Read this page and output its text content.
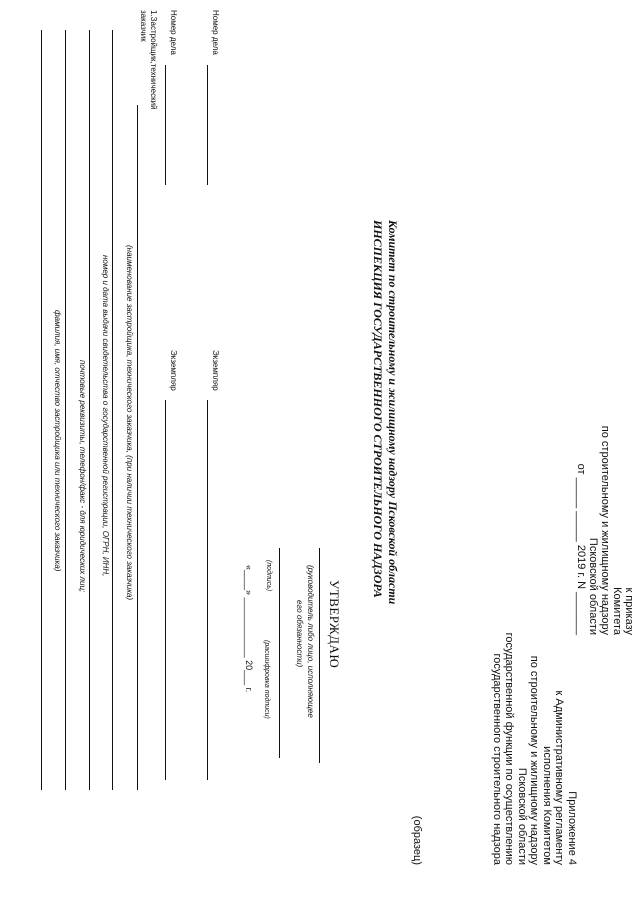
к приказу
Комитета
по строительному и жилищному надзору
Псковской области
от _____ _____ 2019 г. N _______
Приложение 4
к Административному регламенту
исполнения Комитетом
по строительному и жилищному надзору
Псковской области
государственной функции по осуществлению
государственного строительного надзора
(образец)
Комитет по строительному и жилищному надзору Псковской области
ИНСПЕКЦИЯ ГОСУДАРСТВЕННОГО СТРОИТЕЛЬНОГО НАДЗОРА
УТВЕРЖДАЮ
(руководитель либо лицо, исполняющее
его обязанности)
(подпись)
(расшифровка подписи)
«____» ____________ 20___ г.
Номер дела
Экземпляр
Номер дела
Экземпляр
1.Застройщик,технический
заказчик
(наименование застройщика, технического заказчика, (при наличии технического заказчика)
номер и дата выдачи свидетельства о государственной регистрации, ОГРН, ИНН,
почтовые реквизиты, телефон/факс - для юридических лиц;
фамилия, имя, отчество застройщика или технического заказчика)
